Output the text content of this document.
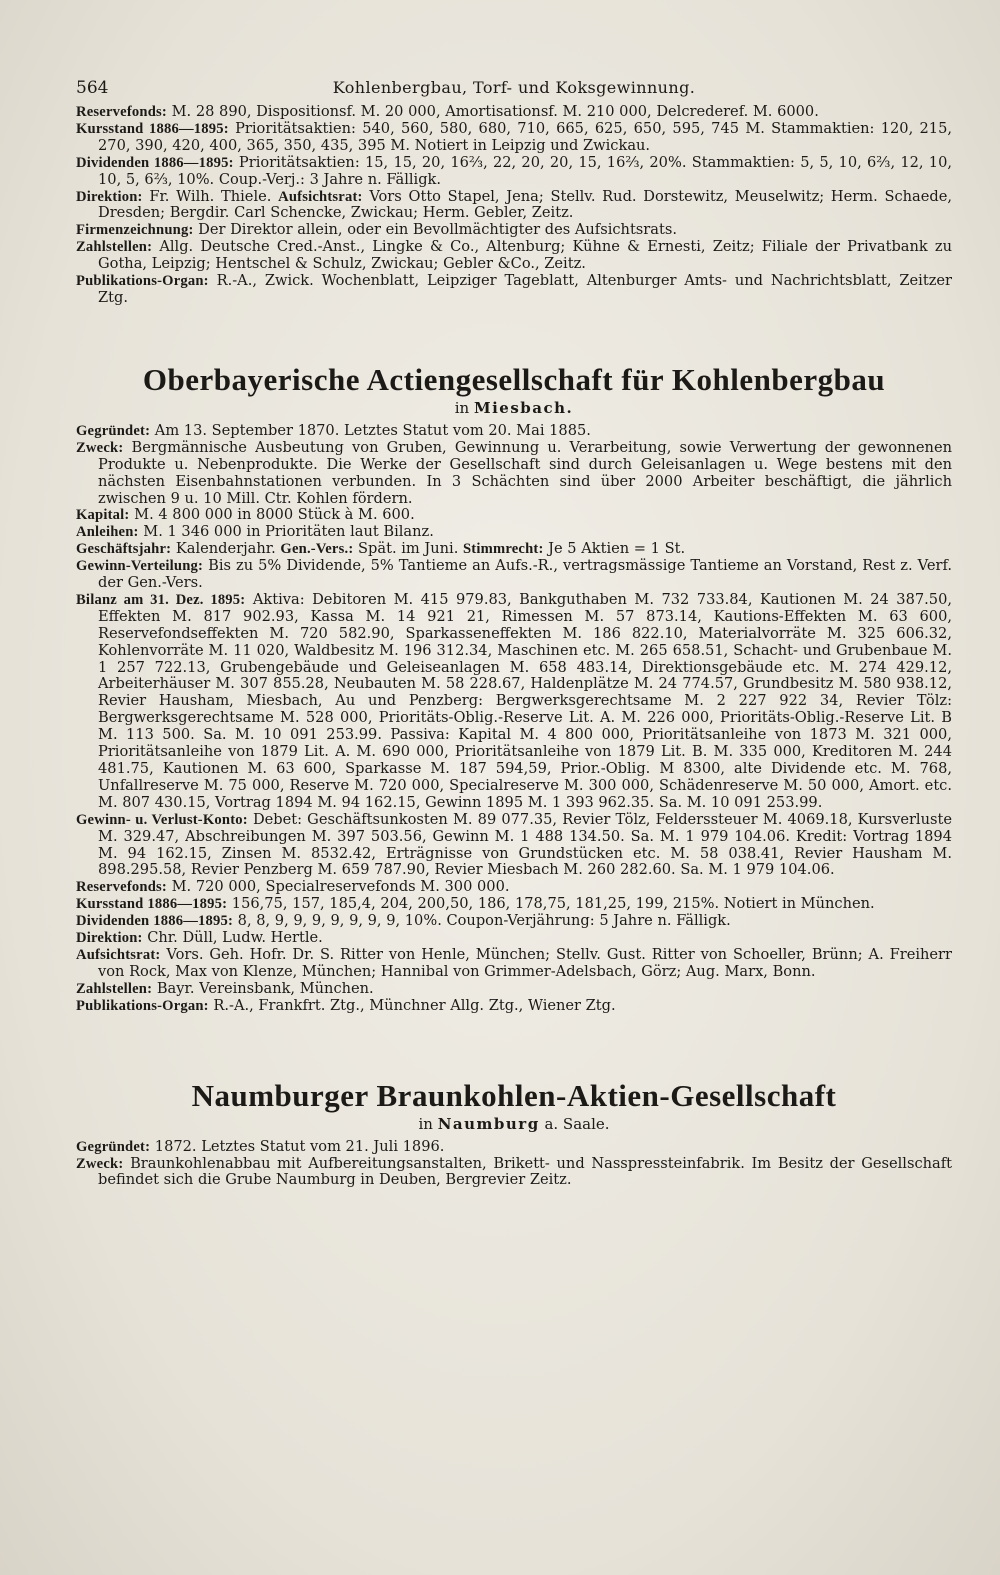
564	Kohlenbergbau, Torf- und Koksgewinnung.

Reservefonds: M. 28 890, Dispositionsf. M. 20 000, Amortisationsf. M. 210 000, Delcrederef. M. 6000.

Kursstand 1886—1895: Prioritätsaktien: 540, 560, 580, 680, 710, 665, 625, 650, 595, 745 M. Stammaktien: 120, 215, 270, 390, 420, 400, 365, 350, 435, 395 M. Notiert in Leipzig und Zwickau.

Dividenden 1886—1895: Prioritätsaktien: 15, 15, 20, 16⅔, 22, 20, 20, 15, 16⅔, 20%. Stammaktien: 5, 5, 10, 6⅔, 12, 10, 10, 5, 6⅔, 10%. Coup.-Verj.: 3 Jahre n. Fälligk.

Direktion: Fr. Wilh. Thiele. Aufsichtsrat: Vors Otto Stapel, Jena; Stellv. Rud. Dorstewitz, Meuselwitz; Herm. Schaede, Dresden; Bergdir. Carl Schencke, Zwickau; Herm. Gebler, Zeitz.

Firmenzeichnung: Der Direktor allein, oder ein Bevollmächtigter des Aufsichtsrats.

Zahlstellen: Allg. Deutsche Cred.-Anst., Lingke & Co., Altenburg; Kühne & Ernesti, Zeitz; Filiale der Privatbank zu Gotha, Leipzig; Hentschel & Schulz, Zwickau; Gebler &Co., Zeitz.

Publikations-Organ: R.-A., Zwick. Wochenblatt, Leipziger Tageblatt, Altenburger Amts- und Nachrichtsblatt, Zeitzer Ztg.

Oberbayerische Actiengesellschaft für Kohlenbergbau
in Miesbach.

Gegründet: Am 13. September 1870. Letztes Statut vom 20. Mai 1885.

Zweck: Bergmännische Ausbeutung von Gruben, Gewinnung u. Verarbeitung, sowie Verwertung der gewonnenen Produkte u. Nebenprodukte. Die Werke der Gesellschaft sind durch Geleisanlagen u. Wege bestens mit den nächsten Eisenbahnstationen verbunden. In 3 Schächten sind über 2000 Arbeiter beschäftigt, die jährlich zwischen 9 u. 10 Mill. Ctr. Kohlen fördern.

Kapital: M. 4 800 000 in 8000 Stück à M. 600.

Anleihen: M. 1 346 000 in Prioritäten laut Bilanz.

Geschäftsjahr: Kalenderjahr. Gen.-Vers.: Spät. im Juni. Stimmrecht: Je 5 Aktien = 1 St.

Gewinn-Verteilung: Bis zu 5% Dividende, 5% Tantieme an Aufs.-R., vertragsmässige Tantieme an Vorstand, Rest z. Verf. der Gen.-Vers.

Bilanz am 31. Dez. 1895: Aktiva: Debitoren M. 415 979.83, Bankguthaben M. 732 733.84, Kautionen M. 24 387.50, Effekten M. 817 902.93, Kassa M. 14 921 21, Rimessen M. 57 873.14, Kautions-Effekten M. 63 600, Reservefondseffekten M. 720 582.90, Sparkasseneffekten M. 186 822.10, Materialvorräte M. 325 606.32, Kohlenvorräte M. 11 020, Waldbesitz M. 196 312.34, Maschinen etc. M. 265 658.51, Schacht- und Grubenbaue M. 1 257 722.13, Grubengebäude und Geleiseanlagen M. 658 483.14, Direktionsgebäude etc. M. 274 429.12, Arbeiterhäuser M. 307 855.28, Neubauten M. 58 228.67, Haldenplätze M. 24 774.57, Grundbesitz M. 580 938.12, Revier Hausham, Miesbach, Au und Penzberg: Bergwerksgerechtsame M. 2 227 922 34, Revier Tölz: Bergwerksgerechtsame M. 528 000, Prioritäts-Oblig.-Reserve Lit. A. M. 226 000, Prioritäts-Oblig.-Reserve Lit. B M. 113 500. Sa. M. 10 091 253.99. Passiva: Kapital M. 4 800 000, Prioritätsanleihe von 1873 M. 321 000, Prioritätsanleihe von 1879 Lit. A. M. 690 000, Prioritätsanleihe von 1879 Lit. B. M. 335 000, Kreditoren M. 244 481.75, Kautionen M. 63 600, Sparkasse M. 187 594,59, Prior.-Oblig. M 8300, alte Dividende etc. M. 768, Unfallreserve M. 75 000, Reserve M. 720 000, Specialreserve M. 300 000, Schädenreserve M. 50 000, Amort. etc. M. 807 430.15, Vortrag 1894 M. 94 162.15, Gewinn 1895 M. 1 393 962.35. Sa. M. 10 091 253.99.

Gewinn- u. Verlust-Konto: Debet: Geschäftsunkosten M. 89 077.35, Revier Tölz, Felderssteuer M. 4069.18, Kursverluste M. 329.47, Abschreibungen M. 397 503.56, Gewinn M. 1 488 134.50. Sa. M. 1 979 104.06. Kredit: Vortrag 1894 M. 94 162.15, Zinsen M. 8532.42, Erträgnisse von Grundstücken etc. M. 58 038.41, Revier Hausham M. 898.295.58, Revier Penzberg M. 659 787.90, Revier Miesbach M. 260 282.60. Sa. M. 1 979 104.06.

Reservefonds: M. 720 000, Specialreservefonds M. 300 000.

Kursstand 1886—1895: 156,75, 157, 185,4, 204, 200,50, 186, 178,75, 181,25, 199, 215%. Notiert in München.

Dividenden 1886—1895: 8, 8, 9, 9, 9, 9, 9, 9, 9, 10%. Coupon-Verjährung: 5 Jahre n. Fälligk.

Direktion: Chr. Düll, Ludw. Hertle.

Aufsichtsrat: Vors. Geh. Hofr. Dr. S. Ritter von Henle, München; Stellv. Gust. Ritter von Schoeller, Brünn; A. Freiherr von Rock, Max von Klenze, München; Hannibal von Grimmer-Adelsbach, Görz; Aug. Marx, Bonn.

Zahlstellen: Bayr. Vereinsbank, München.

Publikations-Organ: R.-A., Frankfrt. Ztg., Münchner Allg. Ztg., Wiener Ztg.

Naumburger Braunkohlen-Aktien-Gesellschaft
in Naumburg a. Saale.

Gegründet: 1872. Letztes Statut vom 21. Juli 1896.

Zweck: Braunkohlenabbau mit Aufbereitungsanstalten, Brikett- und Nasspressteinfabrik. Im Besitz der Gesellschaft befindet sich die Grube Naumburg in Deuben, Bergrevier Zeitz.
